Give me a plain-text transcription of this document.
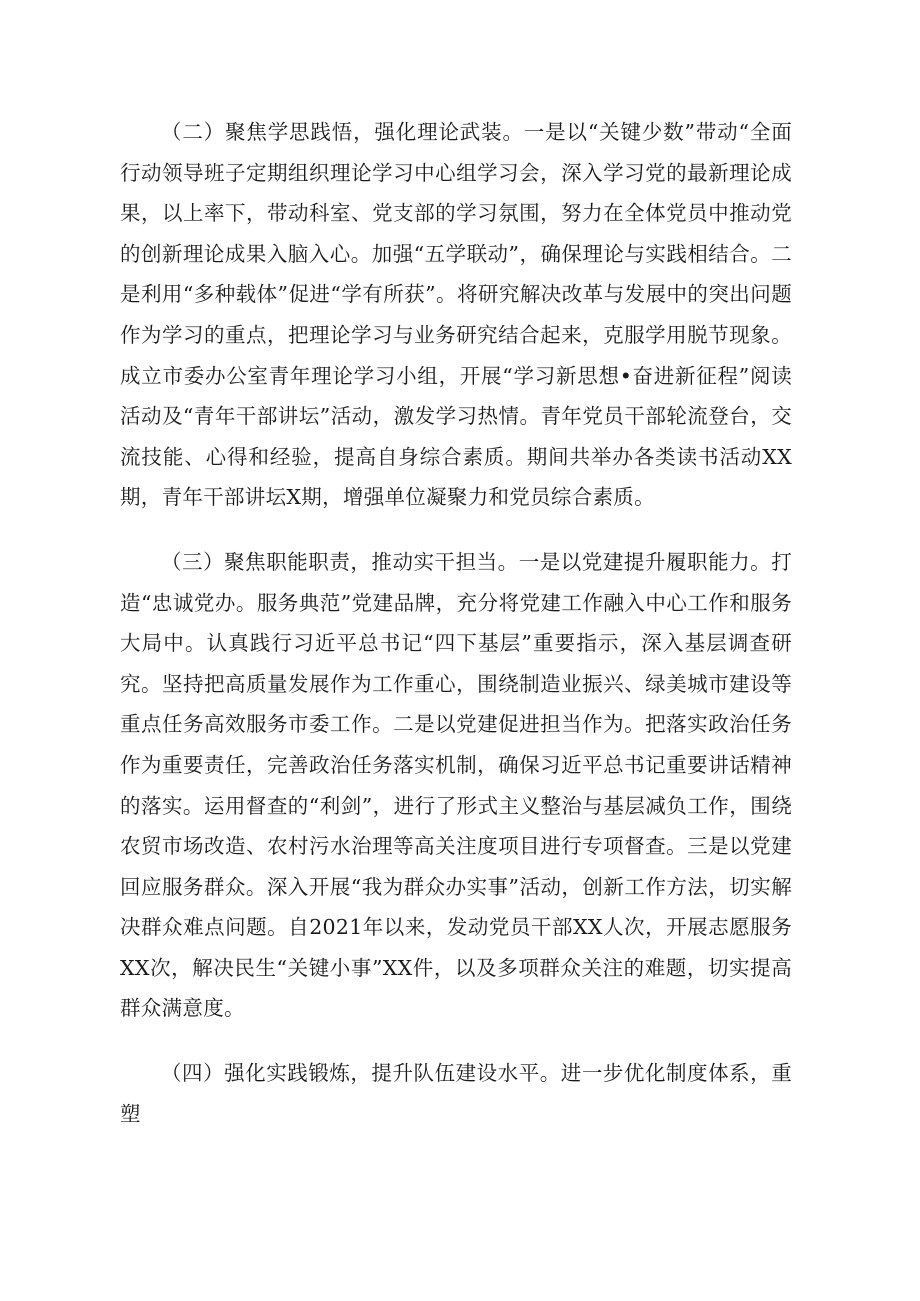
（二）聚焦学思践悟，强化理论武装。一是以“关键少数”带动“全面行动领导班子定期组织理论学习中心组学习会，深入学习党的最新理论成果，以上率下，带动科室、党支部的学习氛围，努力在全体党员中推动党的创新理论成果入脑入心。加强“五学联动”，确保理论与实践相结合。二是利用“多种载体”促进“学有所获”。将研究解决改革与发展中的突出问题作为学习的重点，把理论学习与业务研究结合起来，克服学用脱节现象。成立市委办公室青年理论学习小组，开展“学习新思想•奋进新征程”阅读活动及“青年干部讲坛”活动，激发学习热情。青年党员干部轮流登台，交流技能、心得和经验，提高自身综合素质。期间共举办各类读书活动XX期，青年干部讲坛X期，增强单位凝聚力和党员综合素质。

（三）聚焦职能职责，推动实干担当。一是以党建提升履职能力。打造“忠诚党办。服务典范”党建品牌，充分将党建工作融入中心工作和服务大局中。认真践行习近平总书记“四下基层”重要指示，深入基层调查研究。坚持把高质量发展作为工作重心，围绕制造业振兴、绿美城市建设等重点任务高效服务市委工作。二是以党建促进担当作为。把落实政治任务作为重要责任，完善政治任务落实机制，确保习近平总书记重要讲话精神的落实。运用督查的“利剑”，进行了形式主义整治与基层减负工作，围绕农贸市场改造、农村污水治理等高关注度项目进行专项督查。三是以党建回应服务群众。深入开展“我为群众办实事”活动，创新工作方法，切实解决群众难点问题。自2021年以来，发动党员干部XX人次，开展志愿服务XX次，解决民生“关键小事”XX件，以及多项群众关注的难题，切实提高群众满意度。

（四）强化实践锻炼，提升队伍建设水平。进一步优化制度体系，重塑
